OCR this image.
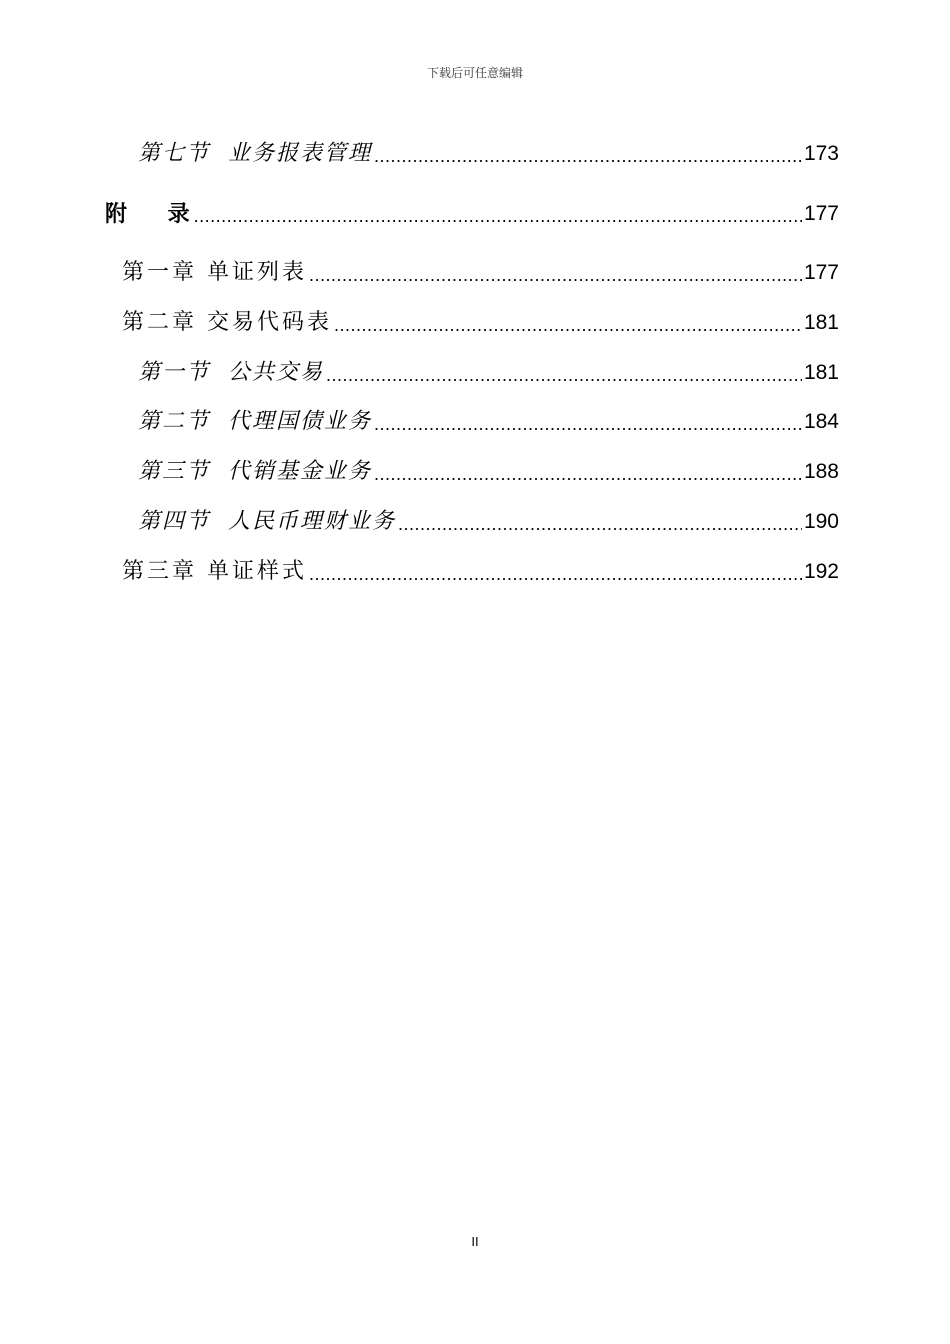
下载后可任意编辑
第七节  业务报表管理 .....	173
附    录 .....	177
第一章 单证列表 .....	177
第二章 交易代码表 .....	181
第一节  公共交易 .....	181
第二节  代理国债业务 .....	184
第三节  代销基金业务 .....	188
第四节  人民币理财业务 .....	190
第三章 单证样式 .....	192
II
